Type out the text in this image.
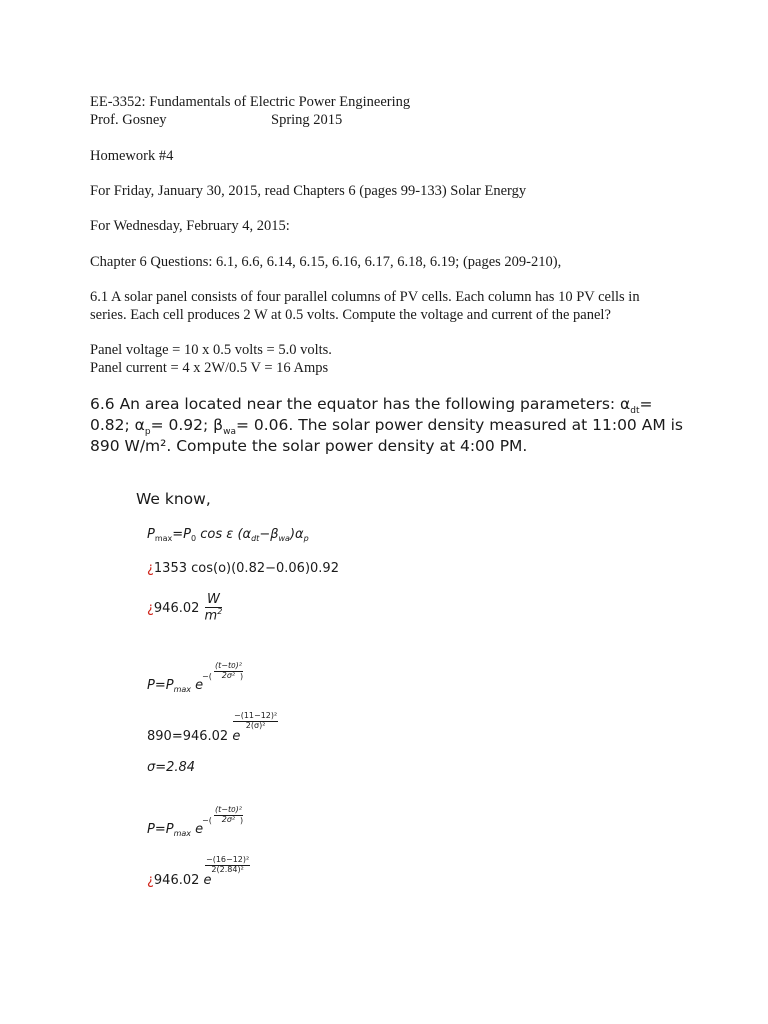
EE-3352: Fundamentals of Electric Power Engineering
Prof. Gosney	Spring 2015
Homework #4
For Friday, January 30, 2015, read Chapters 6 (pages 99-133) Solar Energy
For Wednesday, February 4, 2015:
Chapter 6 Questions: 6.1, 6.6, 6.14, 6.15, 6.16, 6.17, 6.18, 6.19; (pages 209-210),
6.1 A solar panel consists of four parallel columns of PV cells. Each column has 10 PV cells in
series. Each cell produces 2 W at 0.5 volts. Compute the voltage and current of the panel?
Panel voltage = 10 x 0.5 volts = 5.0 volts.
Panel current = 4 x 2W/0.5 V = 16 Amps
6.6 An area located near the equator has the following parameters: $\alpha_{dt}=$
0.82; $\alpha_p= 0.92$; $\beta_{wa}= 0.06$. The solar power density measured at 11:00 AM is
890 W/m². Compute the solar power density at 4:00 PM.
We know,
$P_{max}=P_0$ cos ε $(\alpha_{dt}-\beta_{wa})\alpha_p$
¿1353 cos(o)(0.82−0.06)0.92
¿$946.02 \frac{W}{m^2}$
$P=P_{max}$ e
−( $\frac{\text{(t−t0)²}}{\text{2σ²}}$
)
890=946.02 e
$\frac{\text{−(11−12)²}}{\text{2(σ)²}}$
σ=2.84
$P=P_{max}$ e
−( $\frac{\text{(t−t0)²}}{\text{2σ²}}$
)
¿946.02 e
$\frac{\text{−(16−12)²}}{\text{2(2.84)²}}$
